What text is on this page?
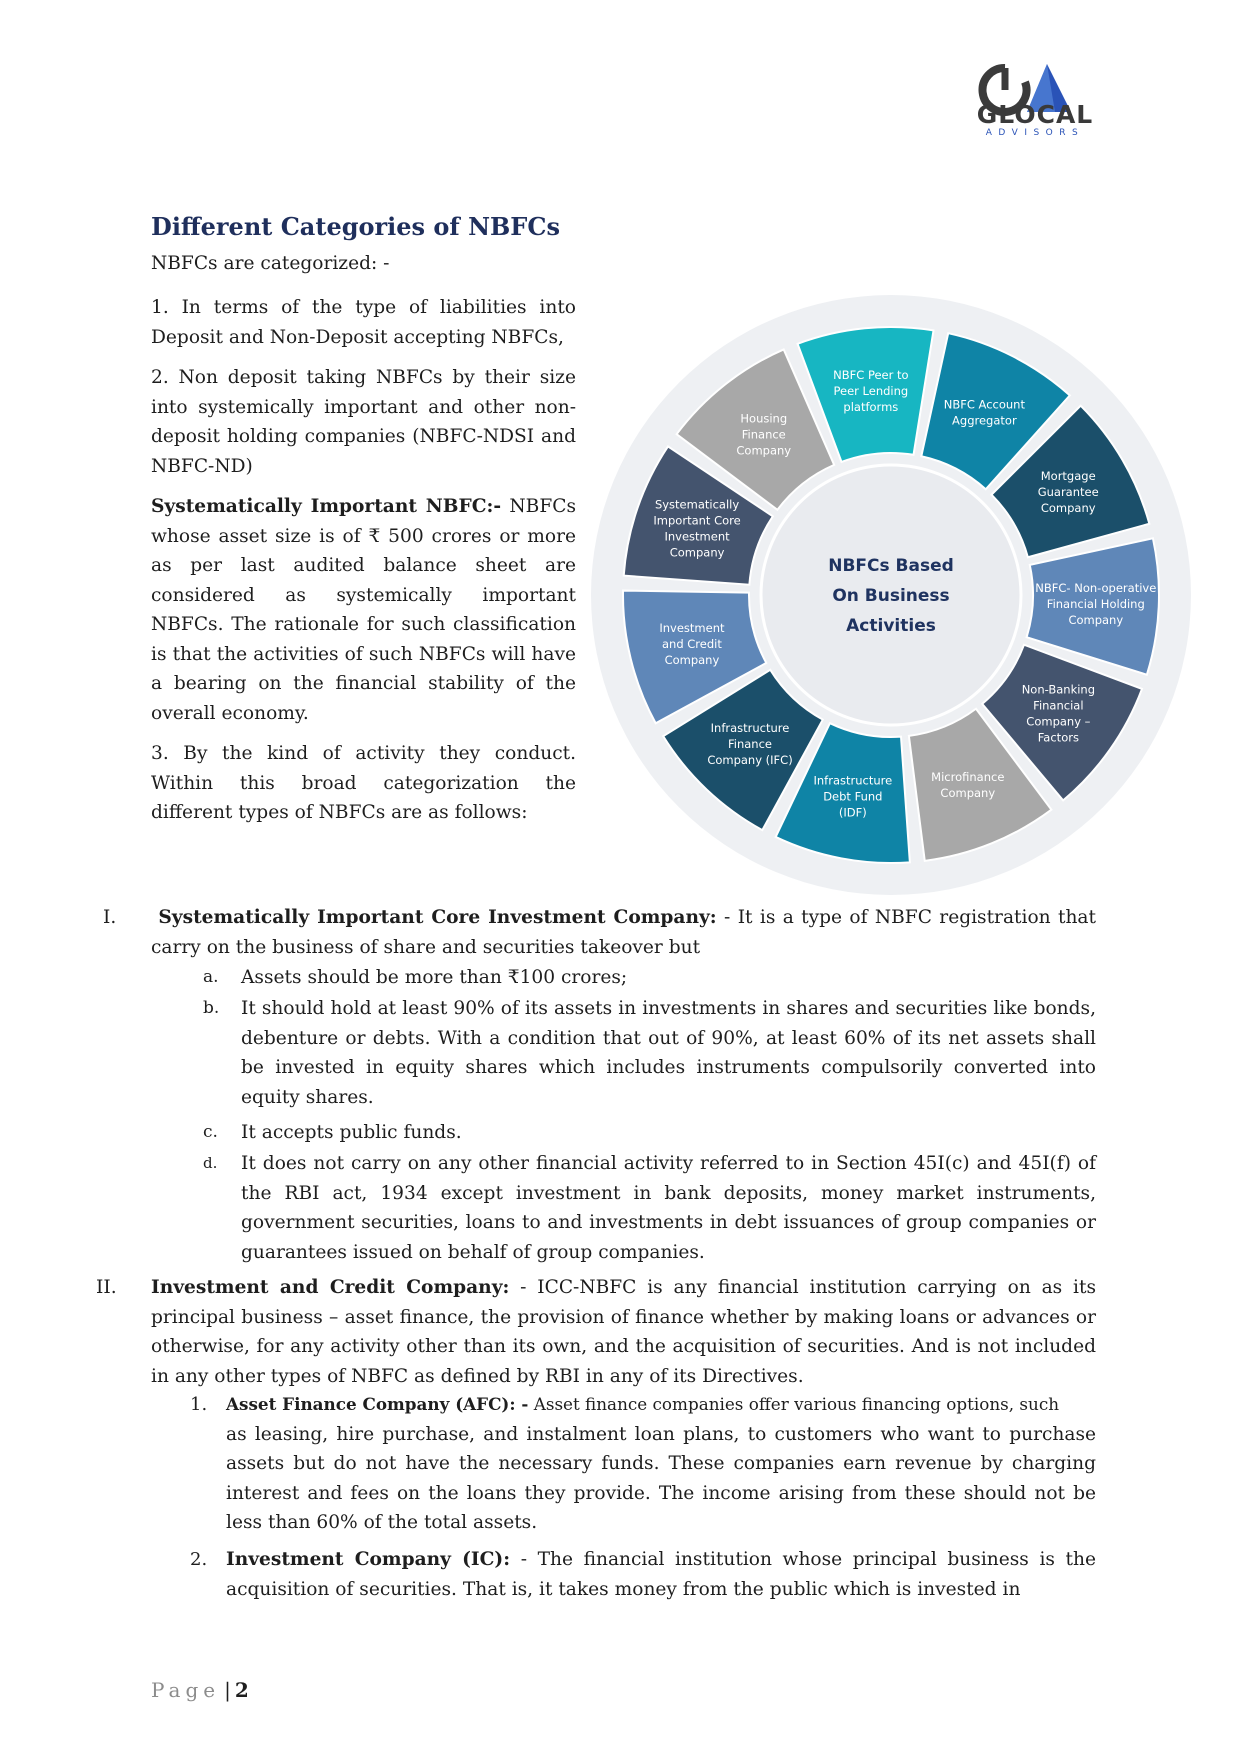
GLOCAL
ADVISORS
Different Categories of NBFCs
NBFCs are categorized: -
1. In terms of the type of liabilities into Deposit and Non-Deposit accepting NBFCs,
2. Non deposit taking NBFCs by their size into systemically important and other non-deposit holding companies (NBFC-NDSI and NBFC-ND)
Systematically Important NBFC:- NBFCs whose asset size is of ₹ 500 crores or more as per last audited balance sheet are considered as systemically important NBFCs. The rationale for such classification is that the activities of such NBFCs will have a bearing on the financial stability of the overall economy.
3. By the kind of activity they conduct. Within this broad categorization the different types of NBFCs are as follows:
NBFC Peer to Peer Lending platforms	NBFC Account Aggregator
Mortgage Guarantee Company
NBFC- Non-operative Financial Holding Company
Non-Banking Financial Company – Factors
Microfinance Company
Infrastructure Debt Fund (IDF)
Infrastructure Finance Company (IFC)
Investment and Credit Company
Systematically Important Core Investment Company
Housing Finance Company
NBFCs Based On Business Activities
I.	Systematically Important Core Investment Company: - It is a type of NBFC registration that carry on the business of share and securities takeover but
a. Assets should be more than ₹100 crores;
b. It should hold at least 90% of its assets in investments in shares and securities like bonds, debenture or debts. With a condition that out of 90%, at least 60% of its net assets shall be invested in equity shares which includes instruments compulsorily converted into equity shares.
c. It accepts public funds.
d. It does not carry on any other financial activity referred to in Section 45I(c) and 45I(f) of the RBI act, 1934 except investment in bank deposits, money market instruments, government securities, loans to and investments in debt issuances of group companies or guarantees issued on behalf of group companies.
II. Investment and Credit Company: - ICC-NBFC is any financial institution carrying on as its principal business – asset finance, the provision of finance whether by making loans or advances or otherwise, for any activity other than its own, and the acquisition of securities. And is not included in any other types of NBFC as defined by RBI in any of its Directives.
1. Asset Finance Company (AFC): - Asset finance companies offer various financing options, such
as leasing, hire purchase, and instalment loan plans, to customers who want to purchase assets but do not have the necessary funds. These companies earn revenue by charging interest and fees on the loans they provide. The income arising from these should not be less than 60% of the total assets.
2. Investment Company (IC): - The financial institution whose principal business is the acquisition of securities. That is, it takes money from the public which is invested in
Page | 2
